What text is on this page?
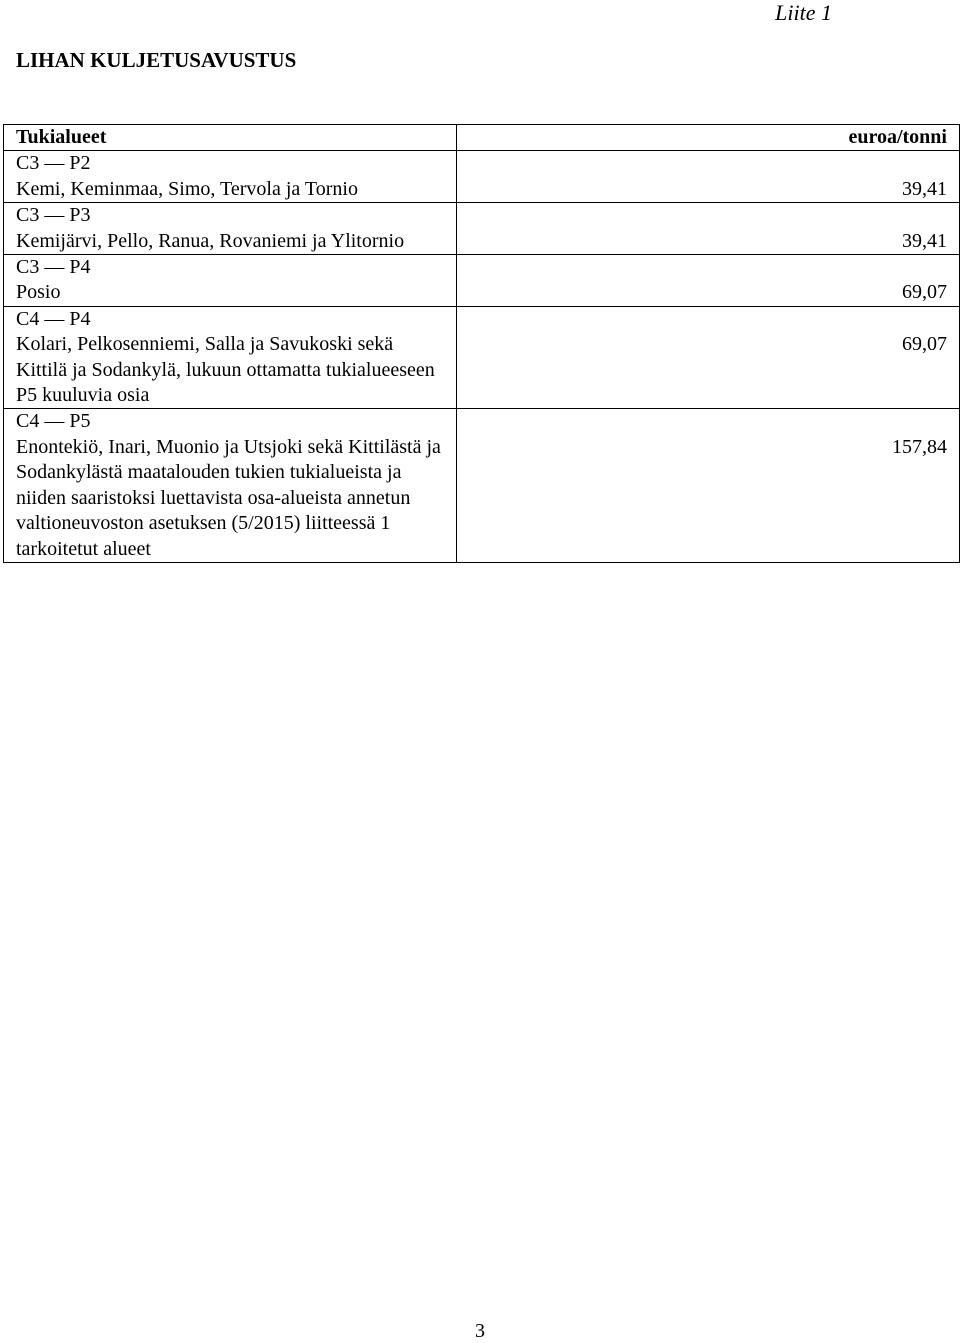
Liite 1
LIHAN KULJETUSAVUSTUS
Tukialueet	euroa/tonni

C3 — P2
Kemi, Keminmaa, Simo, Tervola ja Tornio	39,41

C3 — P3
Kemijärvi, Pello, Ranua, Rovaniemi ja Ylitornio	39,41

C3 — P4
Posio	69,07

C4 — P4
Kolari, Pelkosenniemi, Salla ja Savukoski sekä Kittilä ja Sodankylä, lukuun ottamatta tukialueeseen P5 kuuluvia osia	69,07

C4 — P5
Enontekiö, Inari, Muonio ja Utsjoki sekä Kittilästä ja Sodankylästä maatalouden tukien tukialueista ja niiden saaristoksi luettavista osa-alueista annetun valtioneuvoston asetuksen (5/2015) liitteessä 1 tarkoitetut alueet	157,84
3
